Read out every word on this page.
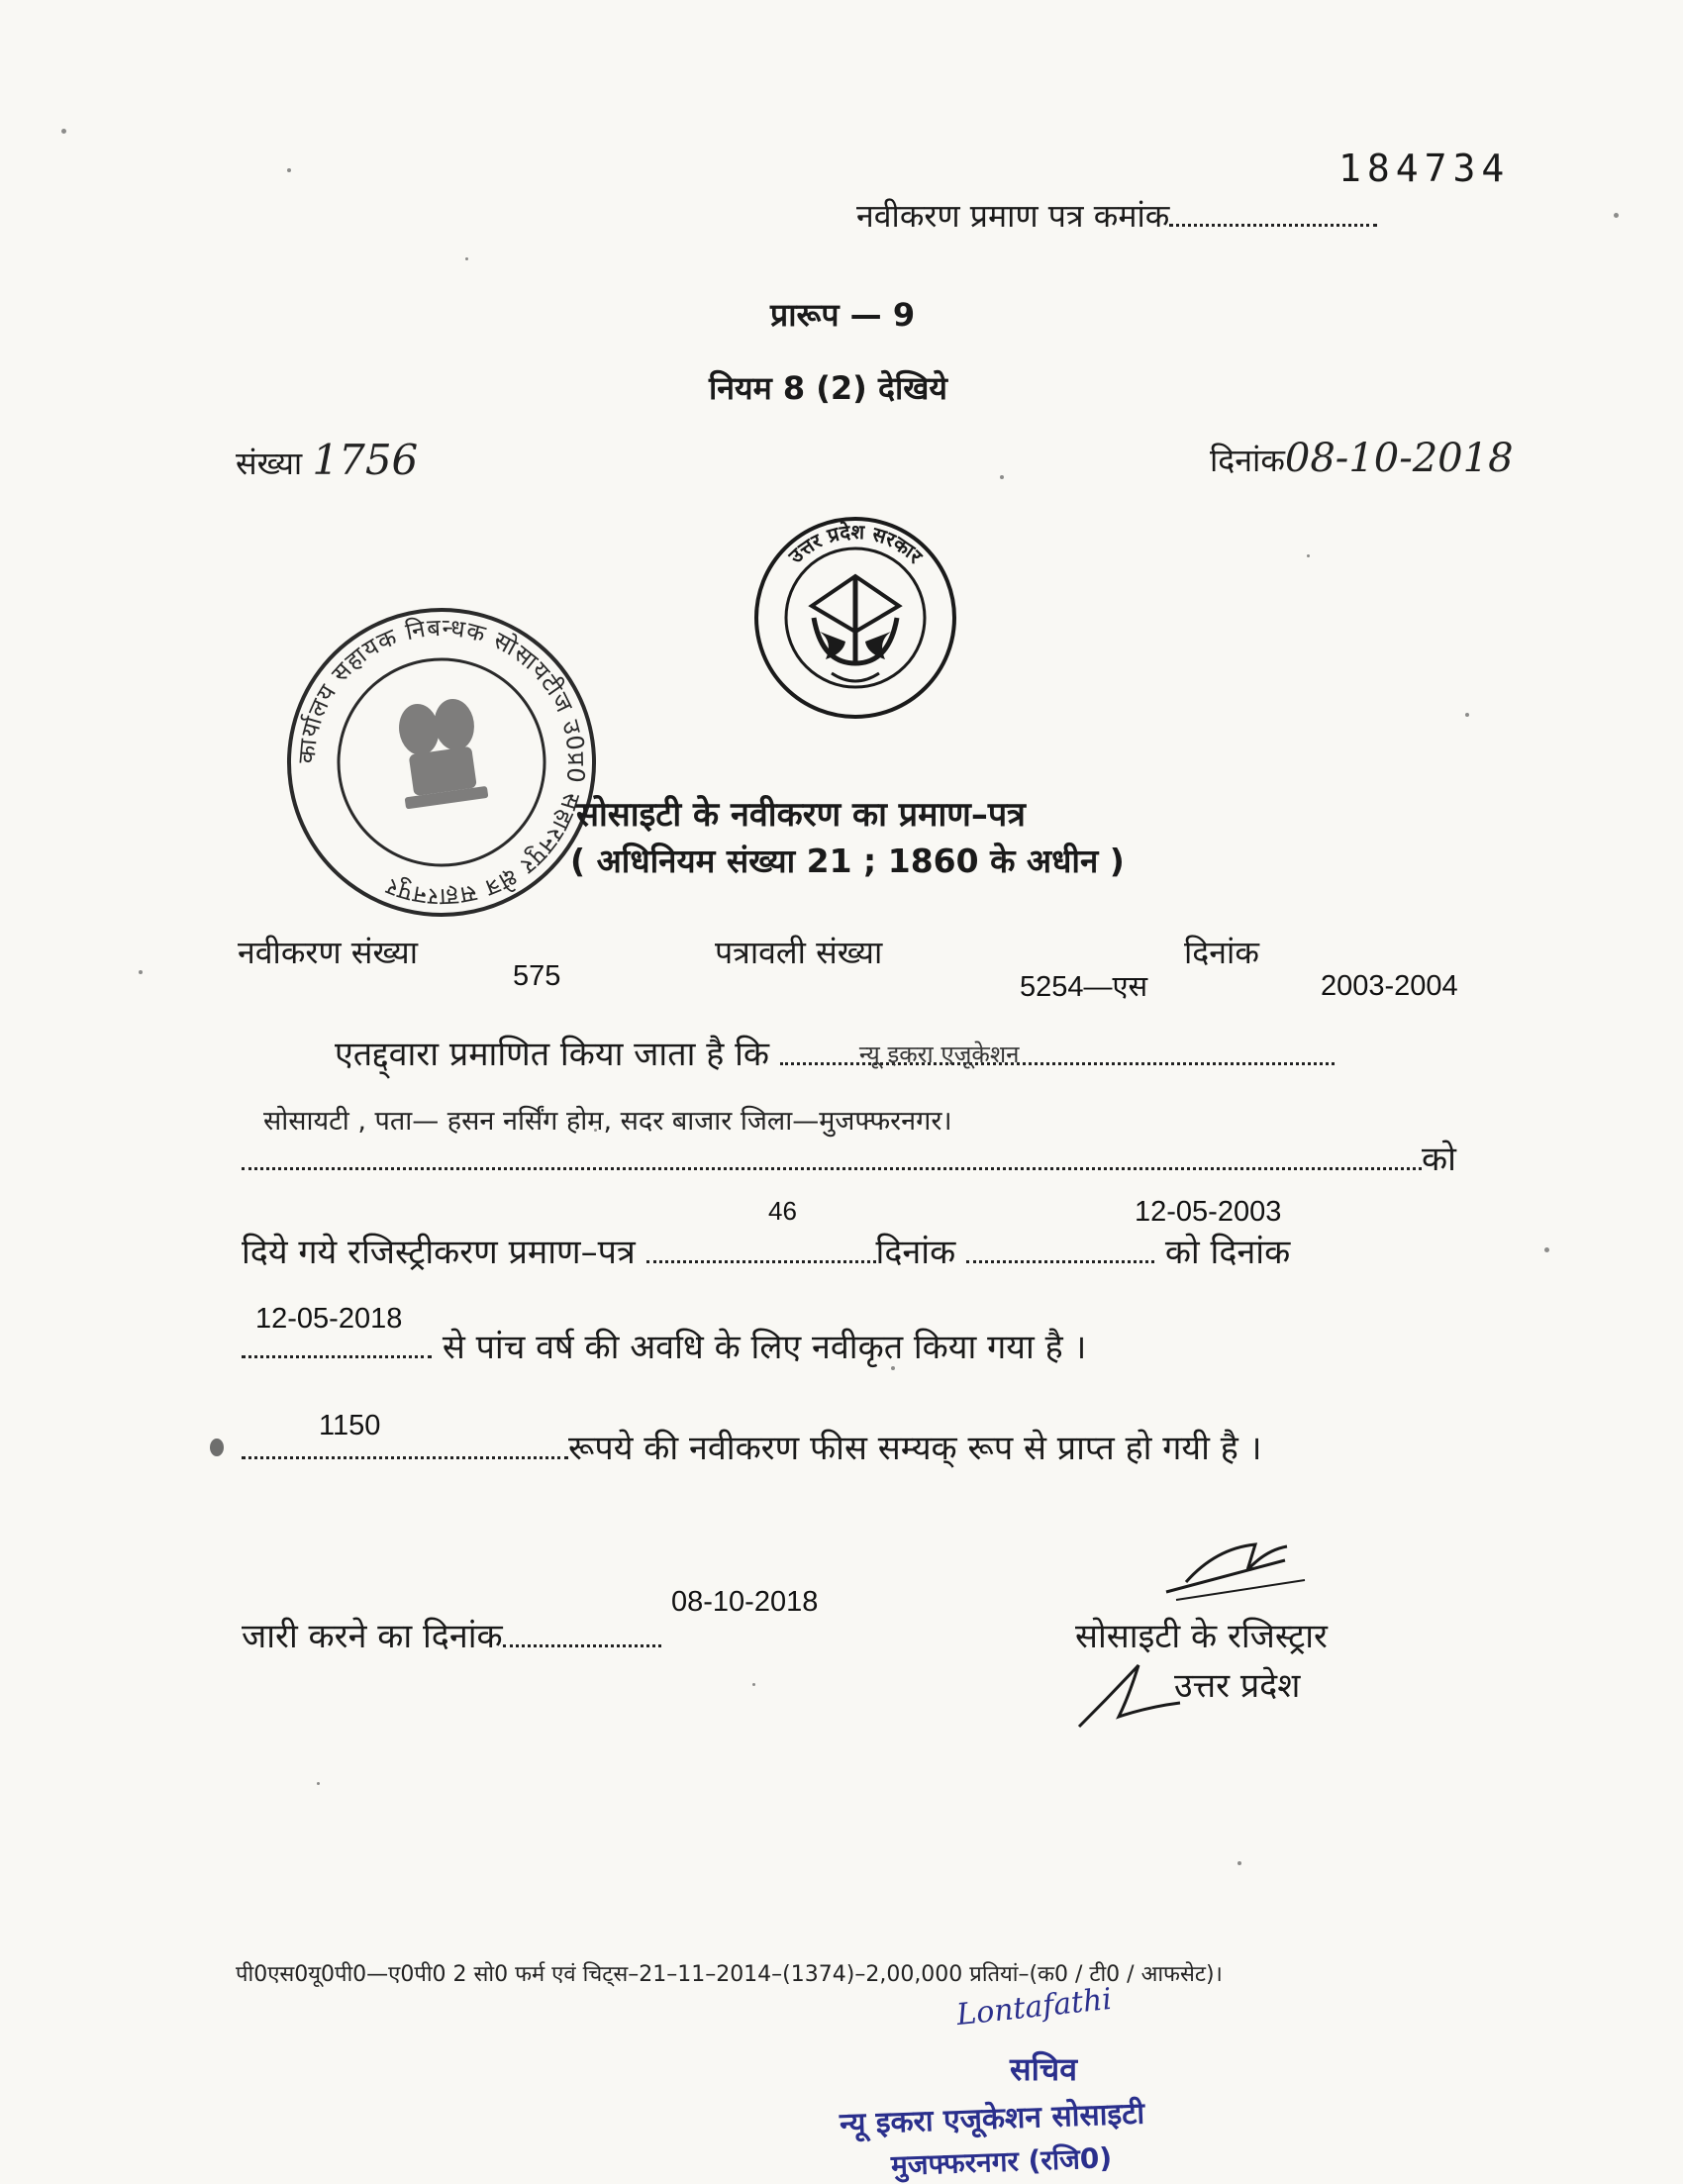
184734
नवीकरण प्रमाण पत्र कमांक
प्रारूप — 9
नियम 8 (2) देखिये
संख्या 1756	दिनांक08-10-2018
उत्तर प्रदेश सरकार
कार्यालय सहायक निबन्धक सोसायटीज उ0प्र0 सहारनपुर क्षेत्र सहारनपुर
सोसाइटी के नवीकरण का प्रमाण–पत्र
( अधिनियम संख्या 21 ; 1860 के अधीन )
नवीकरण संख्या
575
पत्रावली संख्या
5254—एस
दिनांक
2003-2004
एतद्द्वारा प्रमाणित किया जाता है कि	न्यू इकरा एजूकेशन
सोसायटी , पता— हसन नर्सिंग होम, सदर बाजार जिला—मुजफ्फरनगर।
को
46	12-05-2003
दिये गये रजिस्ट्रीकरण प्रमाण–पत्र	दिनांक	को दिनांक
12-05-2018
से पांच वर्ष की अवधि के लिए नवीकृत किया गया है ।
1150
रूपये की नवीकरण फीस सम्यक् रूप से प्राप्त हो गयी है ।
08-10-2018
जारी करने का दिनांक	सोसाइटी के रजिस्ट्रार
उत्तर प्रदेश
पी0एस0यू0पी0—ए0पी0 2 सो0 फर्म एवं चिट्स–21–11–2014–(1374)–2,00,000 प्रतियां–(क0 / टी0 / आफसेट)।
Lontafathi
सचिव
न्यू इकरा एजूकेशन सोसाइटी
मुजफ्फरनगर (रजि0)
